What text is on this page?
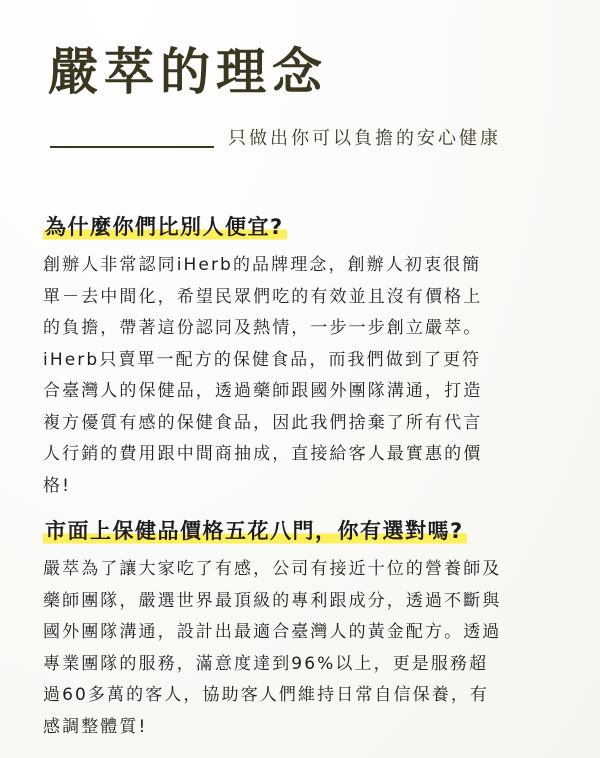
嚴萃的理念
只做出你可以負擔的安心健康
為什麼你們比別人便宜?
創辦人非常認同iHerb的品牌理念，創辦人初衷很簡
單－去中間化，希望民眾們吃的有效並且沒有價格上
的負擔，帶著這份認同及熱情，一步一步創立嚴萃。
iHerb只賣單一配方的保健食品，而我們做到了更符
合臺灣人的保健品，透過藥師跟國外團隊溝通，打造
複方優質有感的保健食品，因此我們捨棄了所有代言
人行銷的費用跟中間商抽成，直接給客人最實惠的價
格!
市面上保健品價格五花八門，你有選對嗎?
嚴萃為了讓大家吃了有感，公司有接近十位的營養師及
藥師團隊，嚴選世界最頂級的專利跟成分，透過不斷與
國外團隊溝通，設計出最適合臺灣人的黃金配方。透過
專業團隊的服務，滿意度達到96%以上，更是服務超
過60多萬的客人，協助客人們維持日常自信保養，有
感調整體質!
